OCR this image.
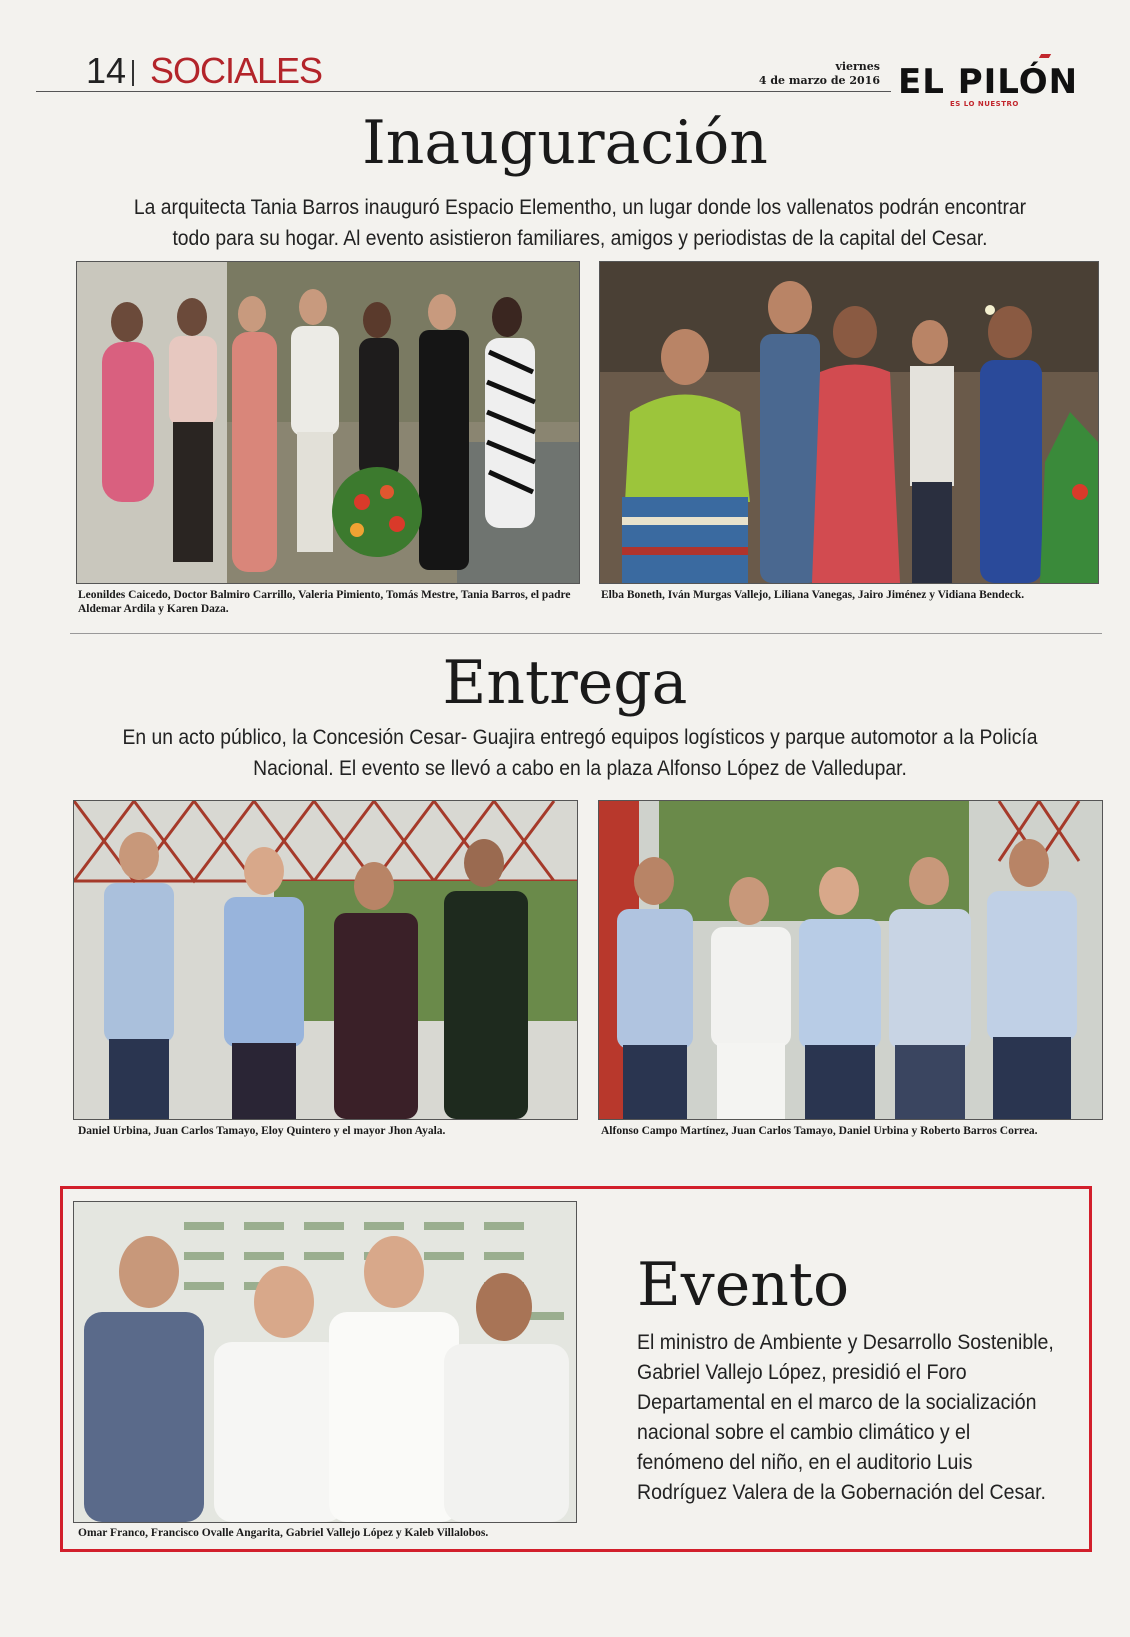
14 SOCIALES	viernes
4 de marzo de 2016 EL PILÓN
ES LO NUESTRO
Inauguración
La arquitecta Tania Barros inauguró Espacio Elementho, un lugar donde los vallenatos podrán encontrar todo para su hogar. Al evento asistieron familiares, amigos y periodistas de la capital del Cesar.
Leonildes Caicedo, Doctor Balmiro Carrillo, Valeria Pimiento, Tomás Mestre, Tania Barros, el padre Aldemar Ardila y Karen Daza.
Elba Boneth, Iván Murgas Vallejo, Liliana Vanegas, Jairo Jiménez y Vidiana Bendeck.
Entrega
En un acto público, la Concesión Cesar- Guajira entregó equipos logísticos y parque automotor a la Policía Nacional. El evento se llevó a cabo en la plaza Alfonso López de Valledupar.
Daniel Urbina, Juan Carlos Tamayo, Eloy Quintero y el mayor Jhon Ayala.	Alfonso Campo Martínez, Juan Carlos Tamayo, Daniel Urbina y Roberto Barros Correa.
Omar Franco, Francisco Ovalle Angarita, Gabriel Vallejo López y Kaleb Villalobos.
Evento
El ministro de Ambiente y Desarrollo Sostenible, Gabriel Vallejo López, presidió el Foro Departamental en el marco de la socialización nacional sobre el cambio climático y el fenómeno del niño, en el auditorio Luis Rodríguez Valera de la Gobernación del Cesar.
